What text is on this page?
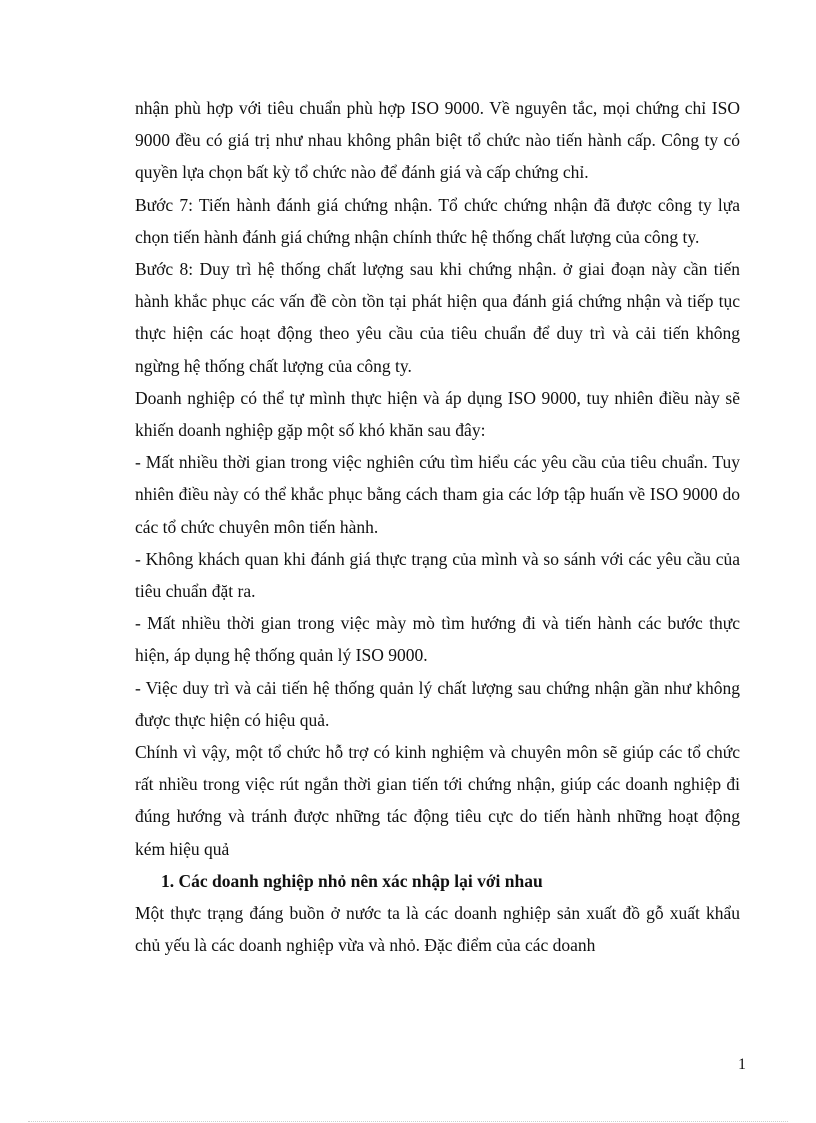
nhận phù hợp với tiêu chuẩn phù hợp ISO 9000. Về nguyên tắc, mọi chứng chỉ ISO 9000 đều có giá trị như nhau không phân biệt tổ chức nào tiến hành cấp. Công ty có quyền lựa chọn bất kỳ tổ chức nào để đánh giá và cấp chứng chỉ.

Bước 7: Tiến hành đánh giá chứng nhận. Tổ chức chứng nhận đã được công ty lựa chọn tiến hành đánh giá chứng nhận chính thức hệ thống chất lượng của công ty.

Bước 8: Duy trì hệ thống chất lượng sau khi chứng nhận. ở giai đoạn này cần tiến hành khắc phục các vấn đề còn tồn tại phát hiện qua đánh giá chứng nhận và tiếp tục thực hiện các hoạt động theo yêu cầu của tiêu chuẩn để duy trì và cải tiến không ngừng hệ thống chất lượng của công ty.

Doanh nghiệp có thể tự mình thực hiện và áp dụng ISO 9000, tuy nhiên điều này sẽ khiến doanh nghiệp gặp một số khó khăn sau đây:

- Mất nhiều thời gian trong việc nghiên cứu tìm hiểu các yêu cầu của tiêu chuẩn. Tuy nhiên điều này có thể khắc phục bằng cách tham gia các lớp tập huấn về ISO 9000 do các tổ chức chuyên môn tiến hành.

- Không khách quan khi đánh giá thực trạng của mình và so sánh với các yêu cầu của tiêu chuẩn đặt ra.

- Mất nhiều thời gian trong việc mày mò tìm hướng đi và tiến hành các bước thực hiện, áp dụng hệ thống quản lý ISO 9000.

- Việc duy trì và cải tiến hệ thống quản lý chất lượng sau chứng nhận gần như không được thực hiện có hiệu quả.

Chính vì vậy, một tổ chức hỗ trợ có kinh nghiệm và chuyên môn sẽ giúp các tổ chức rất nhiều trong việc rút ngắn thời gian tiến tới chứng nhận, giúp các doanh nghiệp đi đúng hướng và tránh được những tác động tiêu cực do tiến hành những hoạt động kém hiệu quả

1. Các doanh nghiệp nhỏ nên xác nhập lại với nhau

Một thực trạng đáng buồn ở nước ta là các doanh nghiệp sản xuất đồ gỗ xuất khẩu chủ yếu là các doanh nghiệp vừa và nhỏ. Đặc điểm của các doanh

1
